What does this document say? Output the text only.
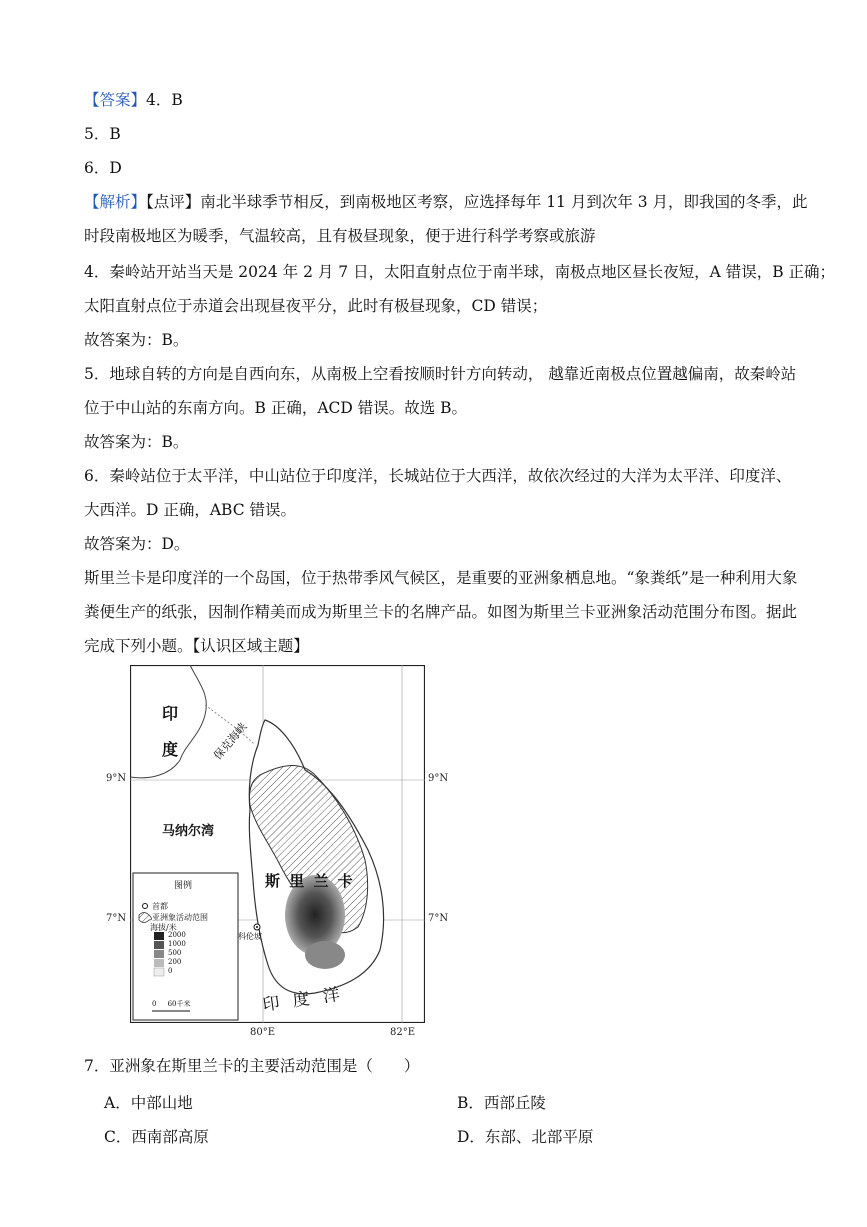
【答案】4．B
5．B
6．D
【解析】【点评】南北半球季节相反，到南极地区考察，应选择每年 11 月到次年 3 月，即我国的冬季，此
时段南极地区为暖季，气温较高，且有极昼现象，便于进行科学考察或旅游
4．秦岭站开站当天是 2024 年 2 月 7 日，太阳直射点位于南半球，南极点地区昼长夜短，A 错误，B 正确；
太阳直射点位于赤道会出现昼夜平分，此时有极昼现象，CD 错误；
故答案为：B。
5．地球自转的方向是自西向东，从南极上空看按顺时针方向转动， 越靠近南极点位置越偏南，故秦岭站
位于中山站的东南方向。B 正确，ACD 错误。故选 B。
故答案为：B。
6．秦岭站位于太平洋，中山站位于印度洋，长城站位于大西洋，故依次经过的大洋为太平洋、印度洋、
大西洋。D 正确，ABC 错误。
故答案为：D。
斯里兰卡是印度洋的一个岛国，位于热带季风气候区，是重要的亚洲象栖息地。“象粪纸”是一种利用大象
粪便生产的纸张，因制作精美而成为斯里兰卡的名牌产品。如图为斯里兰卡亚洲象活动范围分布图。据此
完成下列小题。【认识区域主题】
9°N	9°N
7°N	7°N
80°E	82°E
印
度	保克海峡
马纳尔湾
斯 里 兰 卡
印 度 洋
科伦坡
图例
首都
亚洲象活动范围
海拔/米
2000
1000
500
200
0
0     60千米
7．亚洲象在斯里兰卡的主要活动范围是（　　）
A．中部山地	B．西部丘陵
C．西南部高原	D．东部、北部平原
